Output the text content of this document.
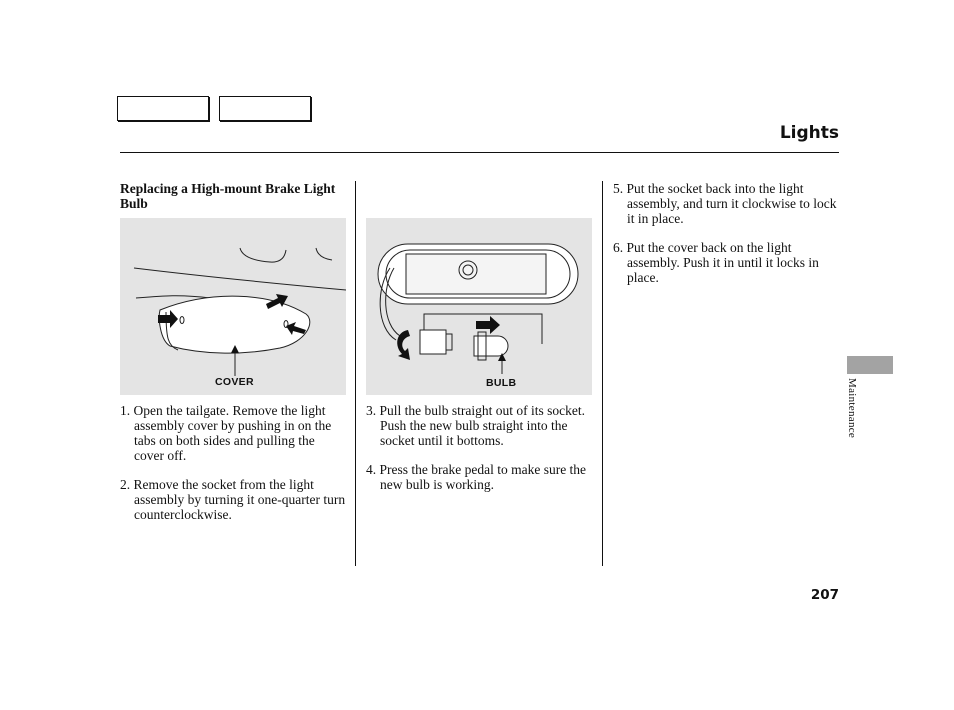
Lights
Replacing a High-mount Brake Light Bulb
COVER	BULB
1. Open the tailgate. Remove the light assembly cover by pushing in on the tabs on both sides and pulling the cover off.
2. Remove the socket from the light assembly by turning it one-quarter turn counterclockwise.
3. Pull the bulb straight out of its socket. Push the new bulb straight into the socket until it bottoms.
4. Press the brake pedal to make sure the new bulb is working.
5. Put the socket back into the light assembly, and turn it clockwise to lock it in place.
6. Put the cover back on the light assembly. Push it in until it locks in place.
Maintenance
207
